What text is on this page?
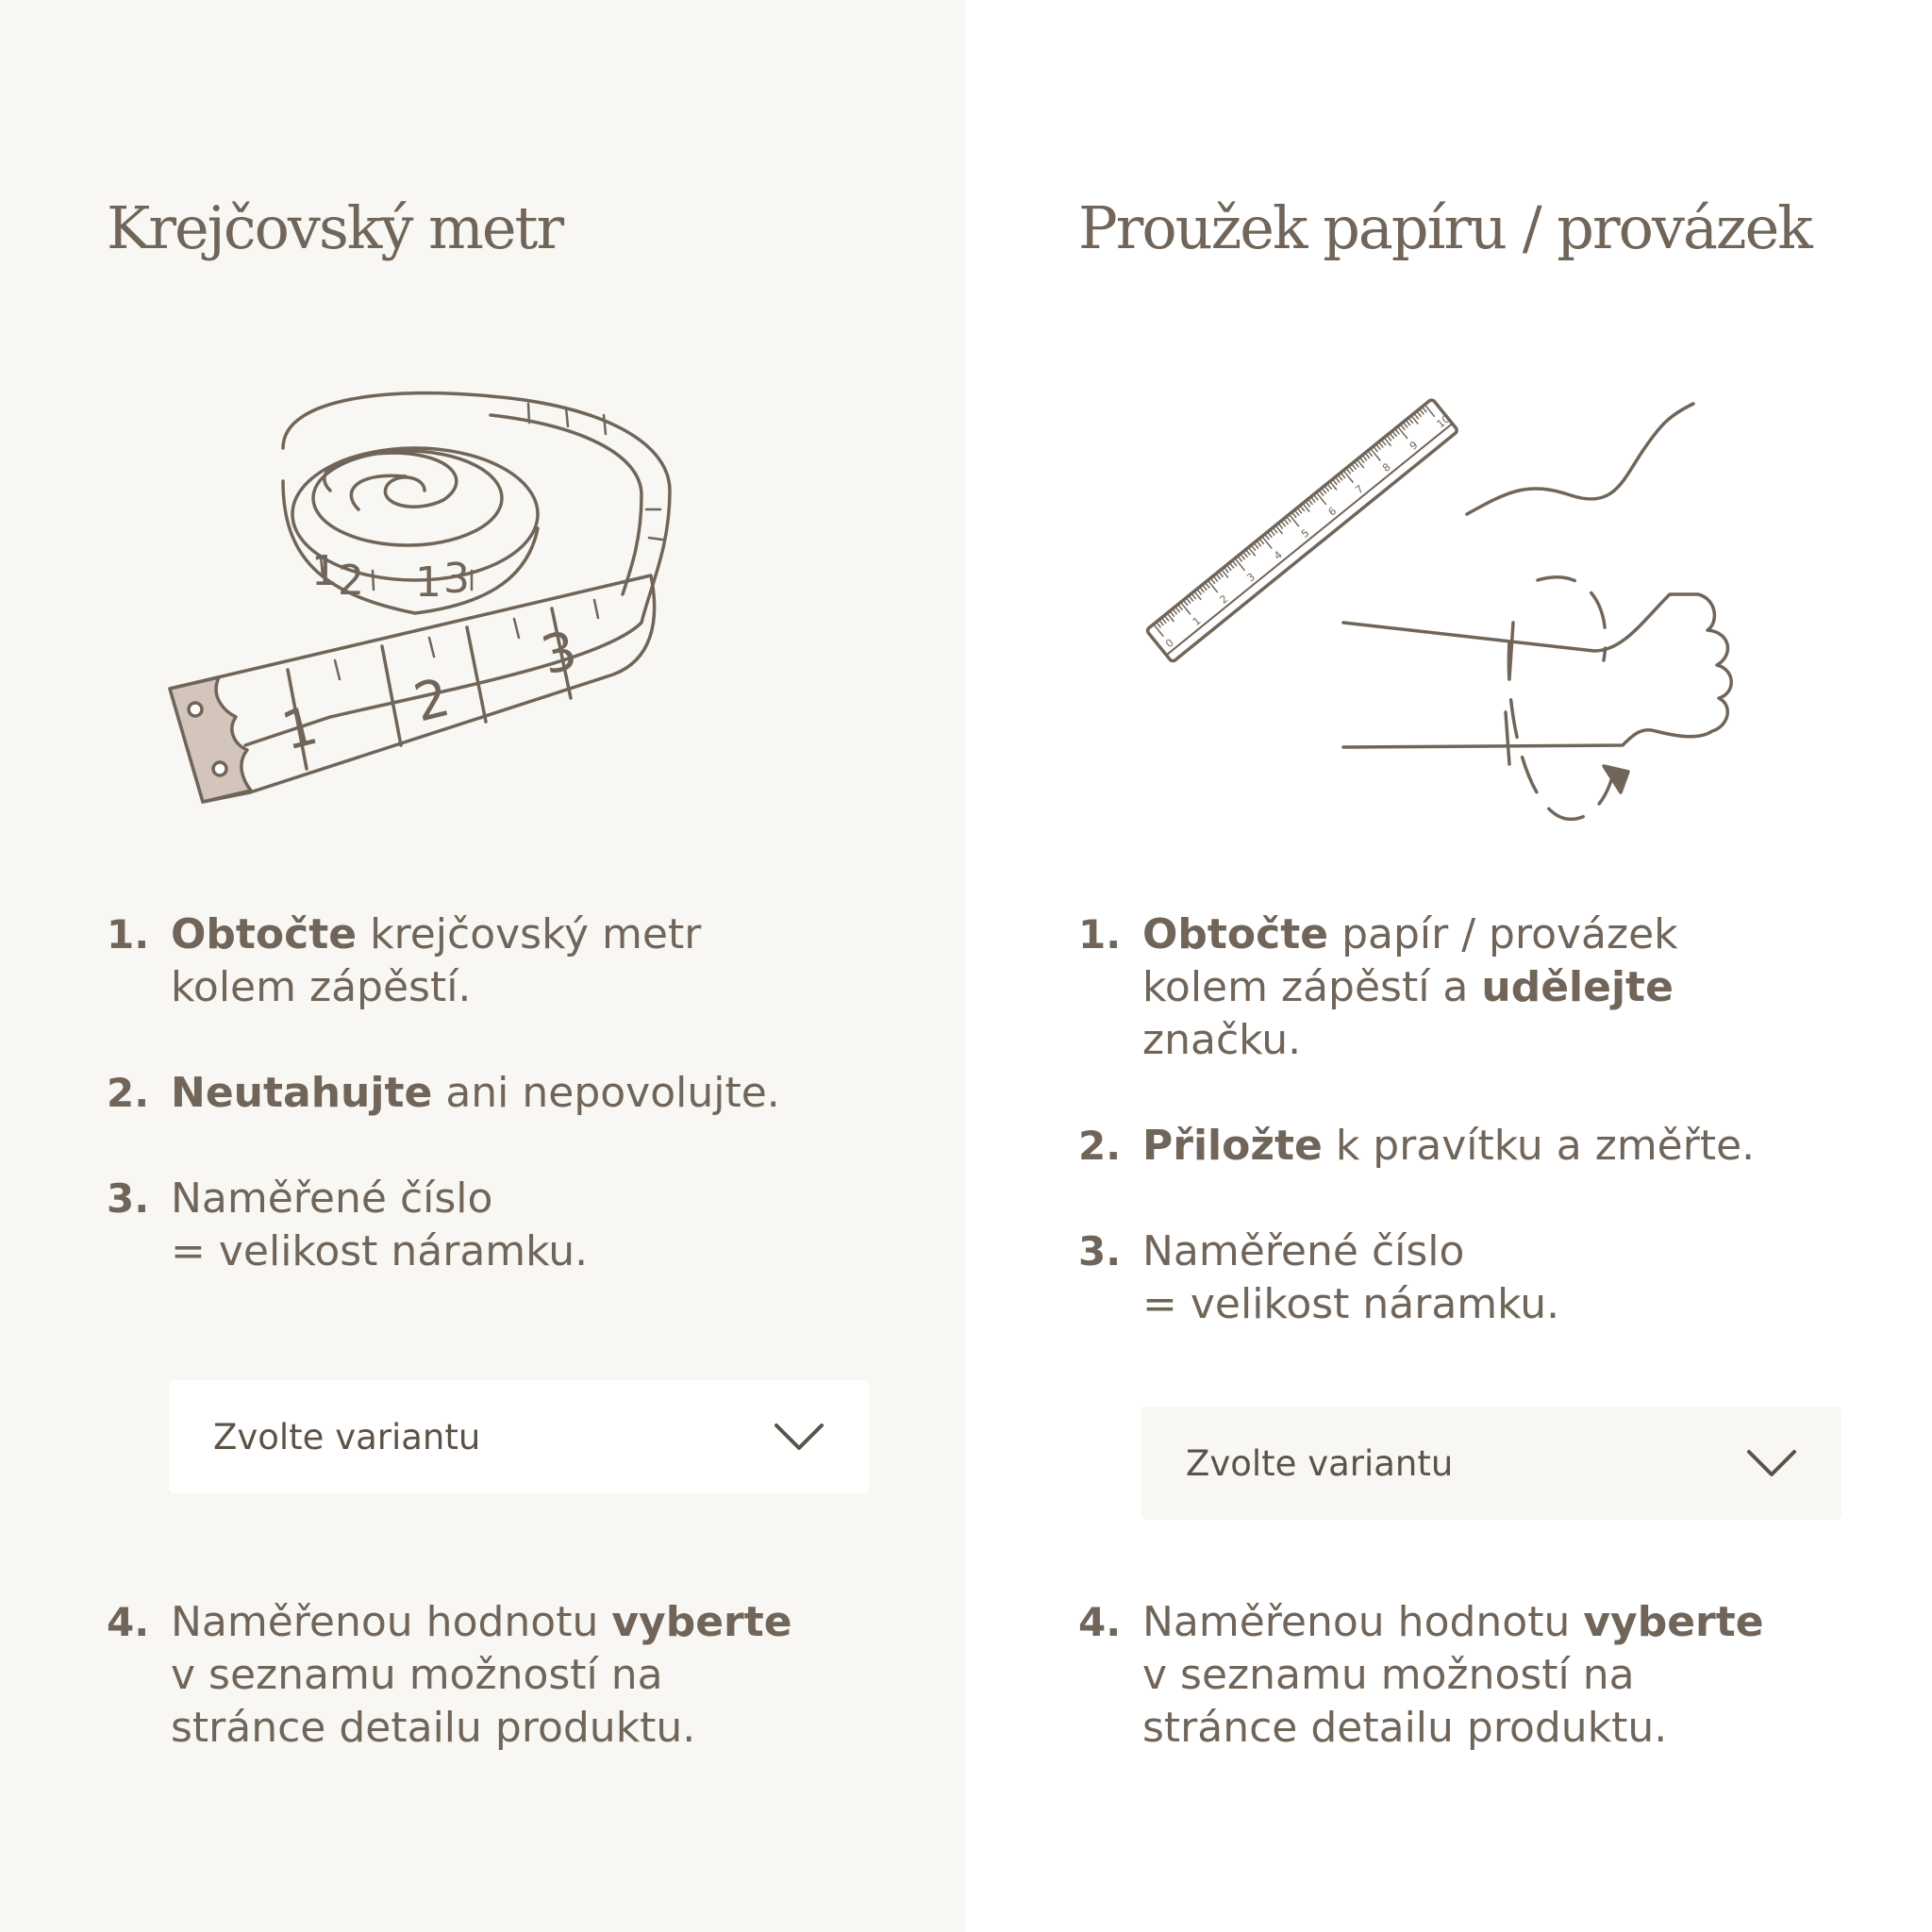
Krejčovský metr
1 2
3
1 2 1 3
1. Obtočte krejčovský metr
kolem zápěstí.
2. Neutahujte ani nepovolujte.
3. Naměřené číslo
= velikost náramku.
Zvolte variantu
4. Naměřenou hodnotu vyberte
v seznamu možností na
stránce detailu produktu.
Proužek papíru / provázek
0
1
2
3
4
5
6
7
8
9
10
1. Obtočte papír / provázek
kolem zápěstí a udělejte
značku.
2. Přiložte k pravítku a změřte.
3. Naměřené číslo
= velikost náramku.
Zvolte variantu
4. Naměřenou hodnotu vyberte
v seznamu možností na
stránce detailu produktu.
